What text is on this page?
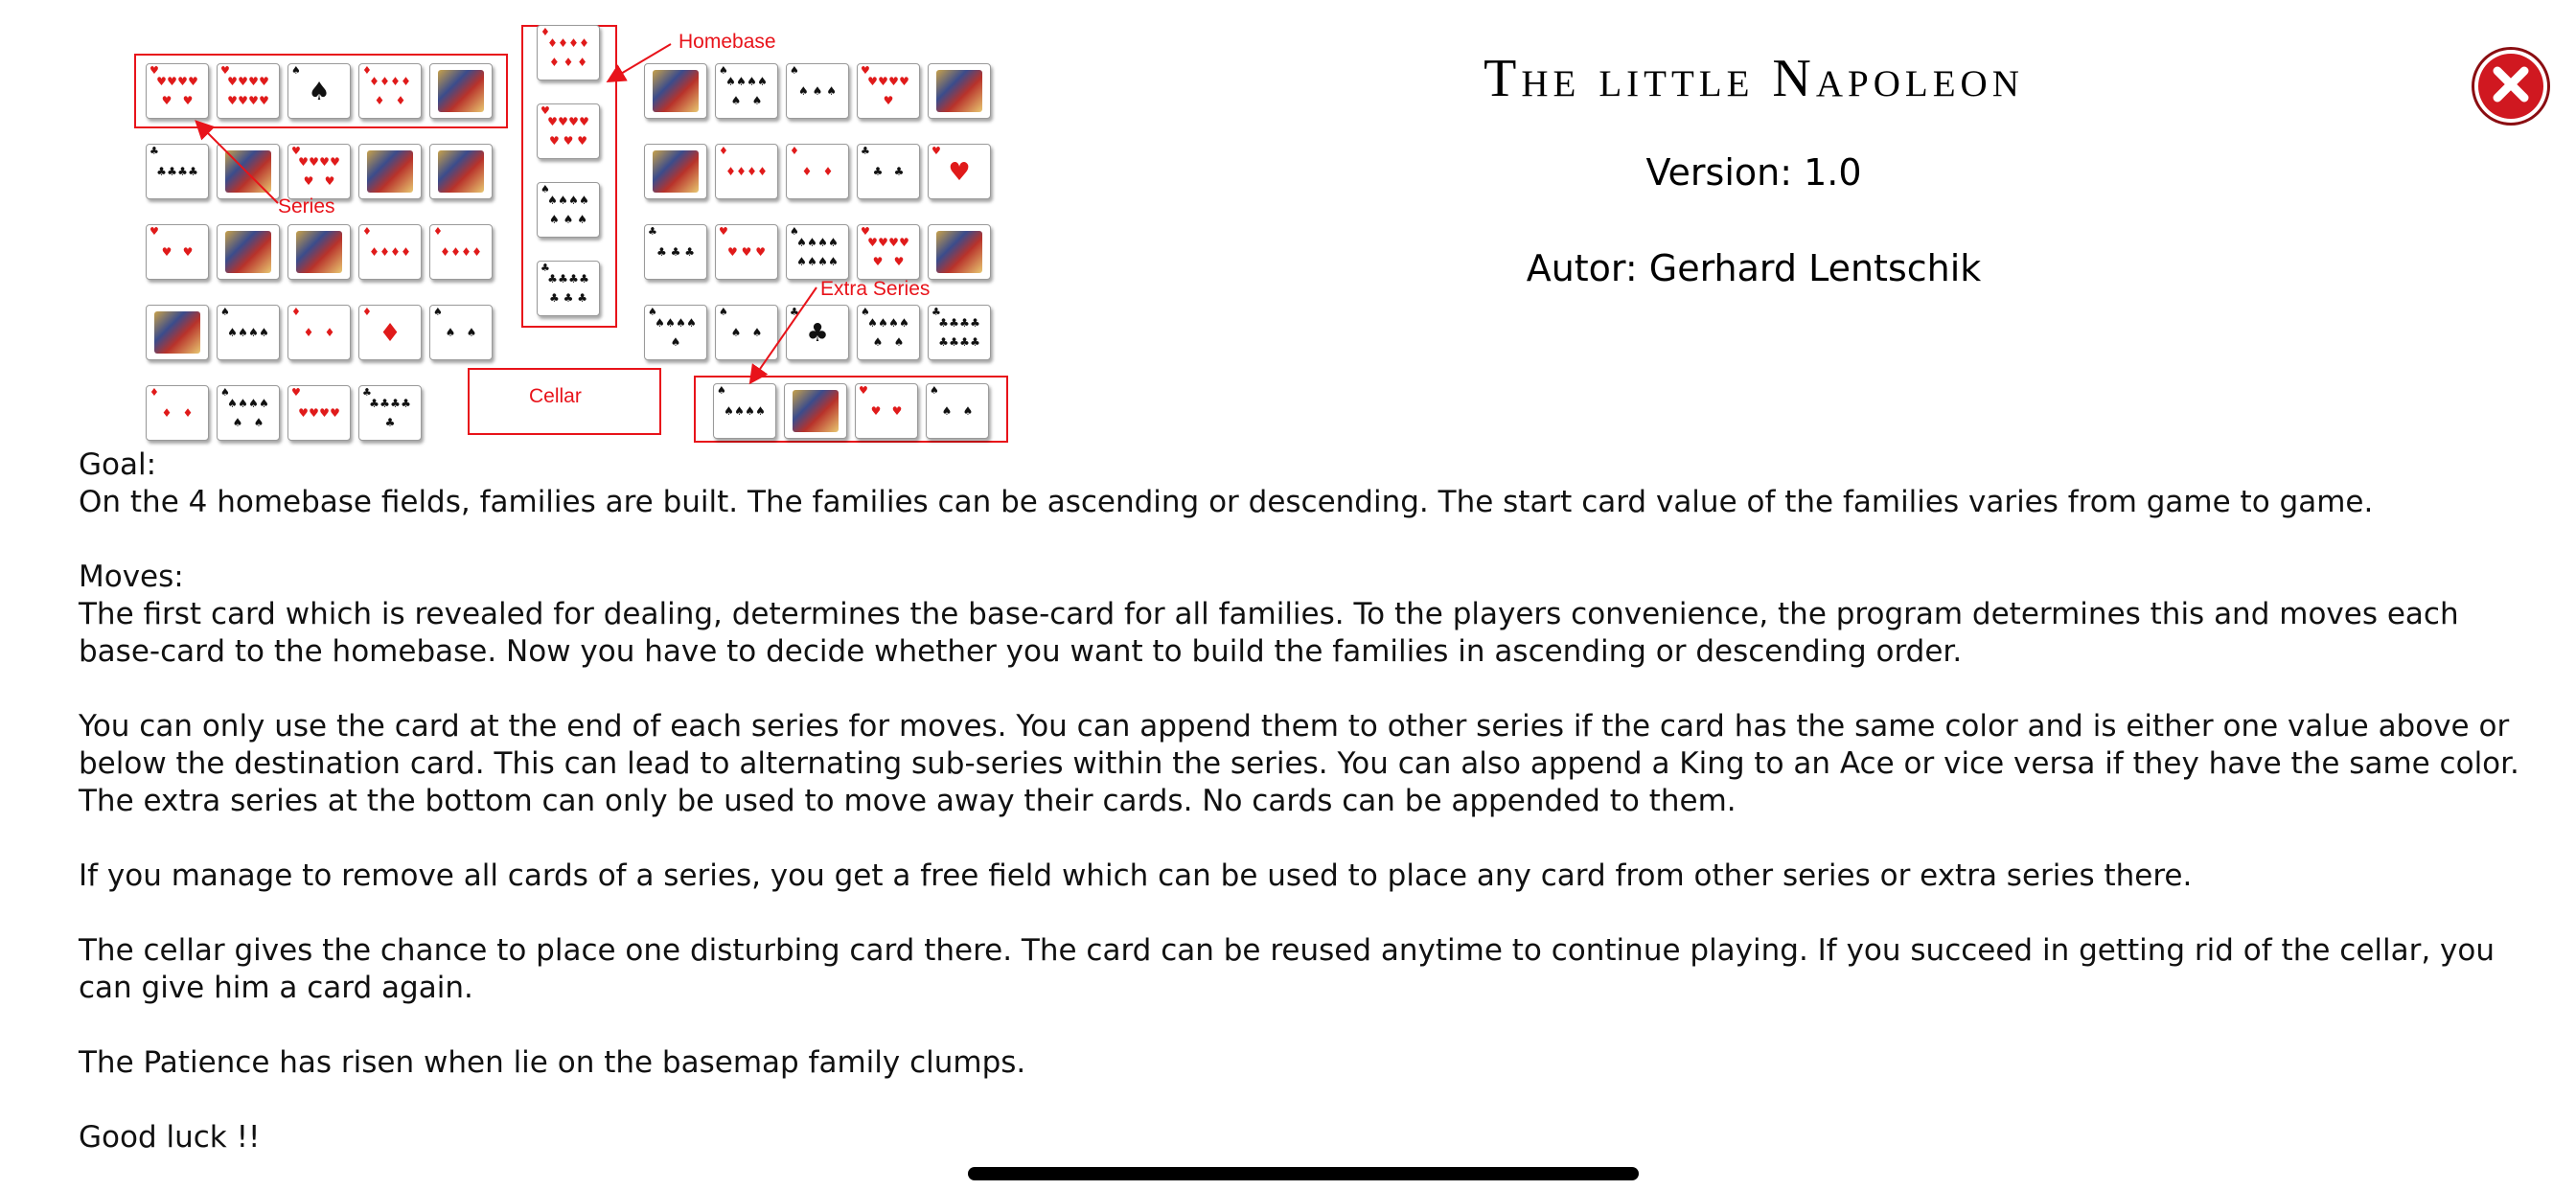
♥
♥ ♥ ♥ ♥
♥ ♥
♥
♥ ♥ ♥ ♥
♥ ♥ ♥ ♥
♠
♠
♦
♦ ♦ ♦ ♦
♦ ♦
♣
♣ ♣ ♣ ♣
♥
♥ ♥ ♥ ♥
♥ ♥
♥
♥ ♥
♦
♦ ♦ ♦ ♦
♦
♦ ♦ ♦ ♦
♠
♠ ♠ ♠ ♠
♦
♦ ♦
♦
♦
♠
♠ ♠
♦
♦ ♦
♠
♠ ♠ ♠ ♠
♠ ♠
♥
♥ ♥ ♥ ♥
♣
♣ ♣ ♣ ♣
♣
♦
♦ ♦ ♦ ♦
♦ ♦ ♦
♥
♥ ♥ ♥ ♥
♥ ♥ ♥
♠
♠ ♠ ♠ ♠
♠ ♠ ♠
♣
♣ ♣ ♣ ♣
♣ ♣ ♣
♠
♠ ♠ ♠ ♠
♠ ♠
♠
♠ ♠ ♠
♥
♥ ♥ ♥ ♥
♥
♦
♦ ♦ ♦ ♦
♦
♦ ♦
♣
♣ ♣
♥
♥
♣
♣ ♣ ♣
♥
♥ ♥ ♥
♠
♠ ♠ ♠ ♠
♠ ♠ ♠ ♠
♥
♥ ♥ ♥ ♥
♥ ♥
♠
♠ ♠ ♠ ♠
♠
♠
♠ ♠
♣
♣
♠
♠ ♠ ♠ ♠
♠ ♠
♣
♣ ♣ ♣ ♣
♣ ♣ ♣ ♣
♠
♠ ♠ ♠ ♠
♥
♥ ♥
♠
♠ ♠
Homebase
Series
Extra Series
Cellar
The little Napoleon
Version: 1.0
Autor: Gerhard Lentschik

Goal:

On the 4 homebase fields, families are built. The families can be ascending or descending. The start card value of the families varies from game to game.

Moves:

The first card which is revealed for dealing, determines the base-card for all families. To the players convenience, the program determines this and moves each base-card to the homebase. Now you have to decide whether you want to build the families in ascending or descending order.

You can only use the card at the end of each series for moves. You can append them to other series if the card has the same color and is either one value above or below the destination card. This can lead to alternating sub-series within the series. You can also append a King to an Ace or vice versa if they have the same color. The extra series at the bottom can only be used to move away their cards. No cards can be appended to them.

If you manage to remove all cards of a series, you get a free field which can be used to place any card from other series or extra series there.

The cellar gives the chance to place one disturbing card there. The card can be reused anytime to continue playing. If you succeed in getting rid of the cellar, you can give him a card again.

The Patience has risen when lie on the basemap family clumps.

Good luck !!
